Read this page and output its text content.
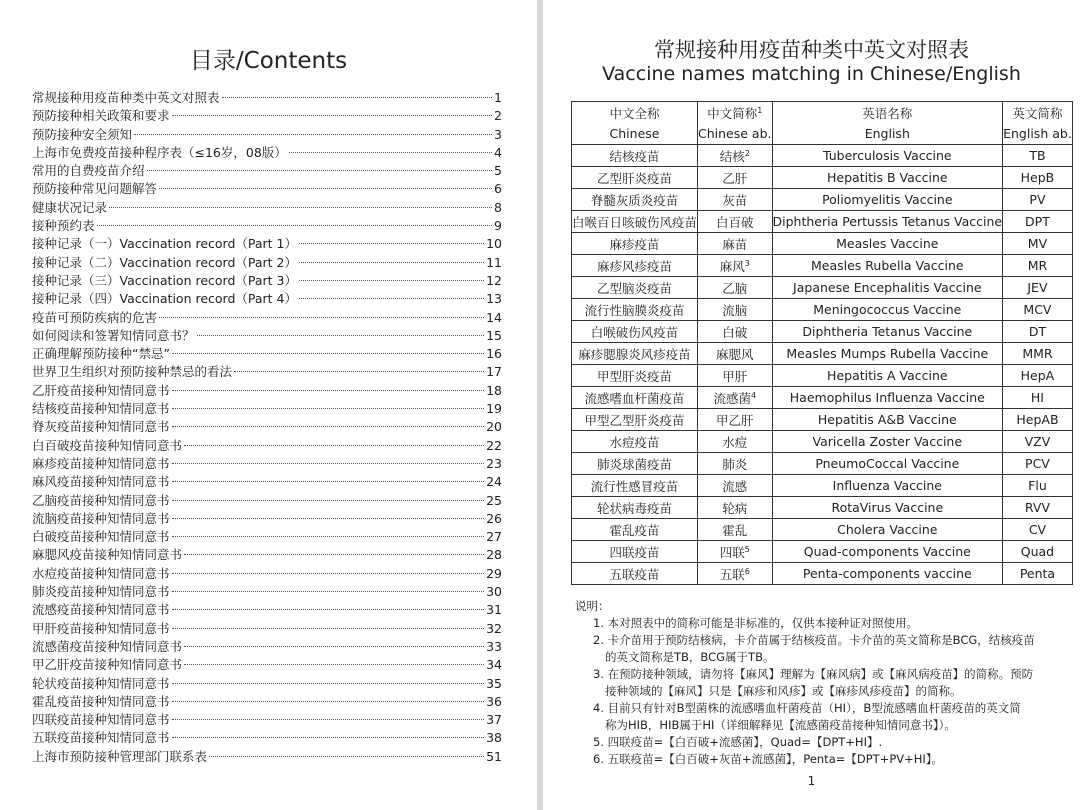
目录/Contents
常规接种用疫苗种类中英文对照表	1
预防接种相关政策和要求	2
预防接种安全须知	3
上海市免费疫苗接种程序表（≤16岁，08版）	4
常用的自费疫苗介绍	5
预防接种常见问题解答	6
健康状况记录	8
接种预约表	9
接种记录（一）Vaccination record（Part 1）	10
接种记录（二）Vaccination record（Part 2）	11
接种记录（三）Vaccination record（Part 3）	12
接种记录（四）Vaccination record（Part 4）	13
疫苗可预防疾病的危害	14
如何阅读和签署知情同意书？	15
正确理解预防接种“禁忌”	16
世界卫生组织对预防接种禁忌的看法	17
乙肝疫苗接种知情同意书	18
结核疫苗接种知情同意书	19
脊灰疫苗接种知情同意书	20
白百破疫苗接种知情同意书	22
麻疹疫苗接种知情同意书	23
麻风疫苗接种知情同意书	24
乙脑疫苗接种知情同意书	25
流脑疫苗接种知情同意书	26
白破疫苗接种知情同意书	27
麻腮风疫苗接种知情同意书	28
水痘疫苗接种知情同意书	29
肺炎疫苗接种知情同意书	30
流感疫苗接种知情同意书	31
甲肝疫苗接种知情同意书	32
流感菌疫苗接种知情同意书	33
甲乙肝疫苗接种知情同意书	34
轮状疫苗接种知情同意书	35
霍乱疫苗接种知情同意书	36
四联疫苗接种知情同意书	37
五联疫苗接种知情同意书	38
上海市预防接种管理部门联系表	51
常规接种用疫苗种类中英文对照表
Vaccine names matching in Chinese/English
中文全称	中文简称$^1$	英语名称	英文简称
Chinese	Chinese ab.	English	English ab.
结核疫苗	结核$^2$	Tuberculosis Vaccine	TB
乙型肝炎疫苗	乙肝	Hepatitis B Vaccine	HepB
脊髓灰质炎疫苗	灰苗	Poliomyelitis Vaccine	PV
白喉百日咳破伤风疫苗	白百破	Diphtheria Pertussis Tetanus Vaccine	DPT
麻疹疫苗	麻苗	Measles Vaccine	MV
麻疹风疹疫苗	麻风$^3$	Measles Rubella Vaccine	MR
乙型脑炎疫苗	乙脑	Japanese Encephalitis Vaccine	JEV
流行性脑膜炎疫苗	流脑	Meningococcus Vaccine	MCV
白喉破伤风疫苗	白破	Diphtheria Tetanus Vaccine	DT
麻疹腮腺炎风疹疫苗	麻腮风	Measles Mumps Rubella Vaccine	MMR
甲型肝炎疫苗	甲肝	Hepatitis A Vaccine	HepA
流感嗜血杆菌疫苗	流感菌$^4$	Haemophilus Influenza Vaccine	HI
甲型乙型肝炎疫苗	甲乙肝	Hepatitis A&B Vaccine	HepAB
水痘疫苗	水痘	Varicella Zoster Vaccine	VZV
肺炎球菌疫苗	肺炎	PneumoCoccal Vaccine	PCV
流行性感冒疫苗	流感	Influenza Vaccine	Flu
轮状病毒疫苗	轮病	RotaVirus Vaccine	RVV
霍乱疫苗	霍乱	Cholera Vaccine	CV
四联疫苗	四联$^5$	Quad-components Vaccine	Quad
五联疫苗	五联$^6$	Penta-components vaccine	Penta
说明：
1. 本对照表中的简称可能是非标准的，仅供本接种证对照使用。
2. 卡介苗用于预防结核病，卡介苗属于结核疫苗。卡介苗的英文简称是BCG，结核疫苗
的英文简称是TB，BCG属于TB。
3. 在预防接种领域，请勿将【麻风】理解为【麻风病】或【麻风病疫苗】的简称。预防
接种领域的【麻风】只是【麻疹和风疹】或【麻疹风疹疫苗】的简称。
4. 目前只有针对B型菌株的流感嗜血杆菌疫苗（HI），B型流感嗜血杆菌疫苗的英文简
称为HIB，HIB属于HI（详细解释见【流感菌疫苗接种知情同意书】）。
5. 四联疫苗=【白百破+流感菌】，Quad=【DPT+HI】.
6. 五联疫苗=【白百破+灰苗+流感菌】，Penta=【DPT+PV+HI】。
1
